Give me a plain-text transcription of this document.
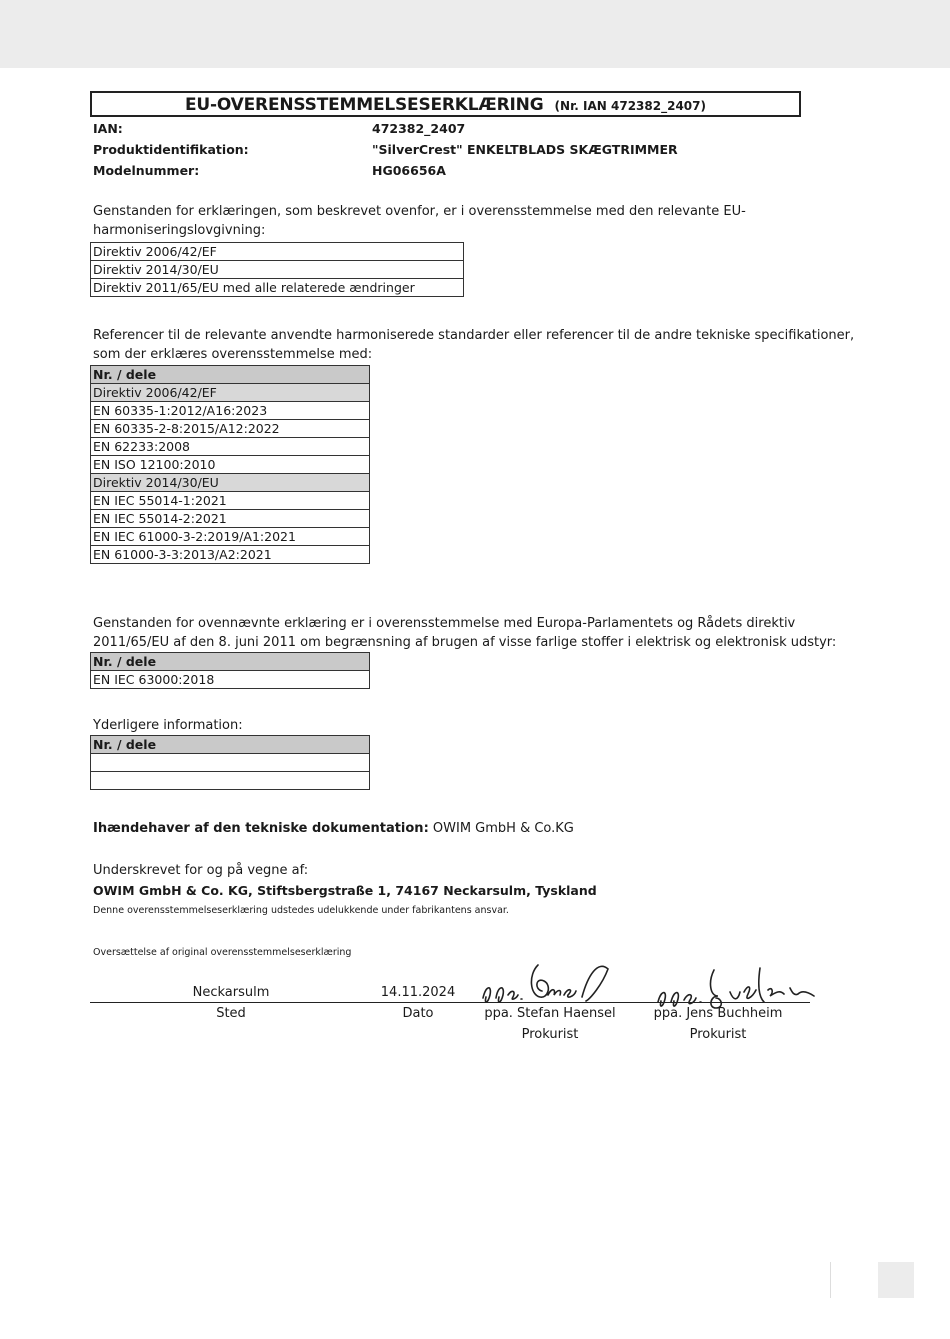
EU-OVERENSSTEMMELSESERKLÆRING (Nr. IAN 472382_2407)
IAN:	472382_2407
Produktidentifikation:	"SilverCrest" ENKELTBLADS SKÆGTRIMMER
Modelnummer:	HG06656A
Genstanden for erklæringen, som beskrevet ovenfor, er i overensstemmelse med den relevante EU-
harmoniseringslovgivning:
Direktiv 2006/42/EF
Direktiv 2014/30/EU
Direktiv 2011/65/EU med alle relaterede ændringer
Referencer til de relevante anvendte harmoniserede standarder eller referencer til de andre tekniske specifikationer,
som der erklæres overensstemmelse med:
Nr. / dele
Direktiv 2006/42/EF
EN 60335-1:2012/A16:2023
EN 60335-2-8:2015/A12:2022
EN 62233:2008
EN ISO 12100:2010
Direktiv 2014/30/EU
EN IEC 55014-1:2021
EN IEC 55014-2:2021
EN IEC 61000-3-2:2019/A1:2021
EN 61000-3-3:2013/A2:2021
Genstanden for ovennævnte erklæring er i overensstemmelse med Europa-Parlamentets og Rådets direktiv
2011/65/EU af den 8. juni 2011 om begrænsning af brugen af visse farlige stoffer i elektrisk og elektronisk udstyr:
Nr. / dele
EN IEC 63000:2018
Yderligere information:
Nr. / dele

Ihændehaver af den tekniske dokumentation: OWIM GmbH & Co.KG
Underskrevet for og på vegne af:
OWIM GmbH & Co. KG, Stiftsbergstraße 1, 74167 Neckarsulm, Tyskland
Denne overensstemmelseserklæring udstedes udelukkende under fabrikantens ansvar.
Oversættelse af original overensstemmelseserklæring
Neckarsulm	14.11.2024
Sted	Dato	ppa. Stefan Haensel	ppa. Jens Buchheim
Prokurist	Prokurist
